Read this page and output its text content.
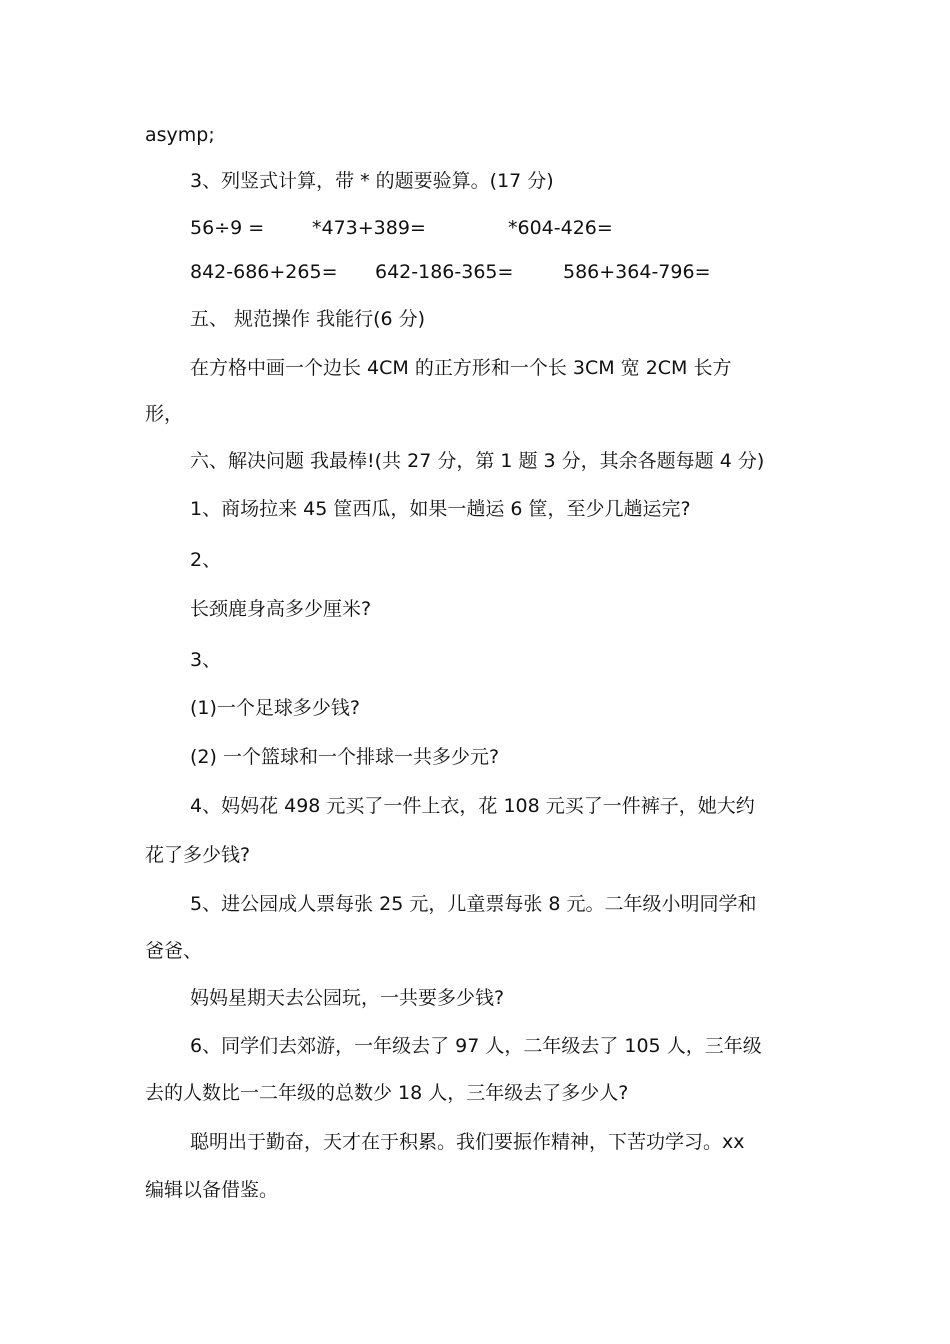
asymp;
3、列竖式计算，带 * 的题要验算。(17 分)
56÷9 =	*473+389=	*604-426=
842-686+265= 642-186-365=	586+364-796=
五、 规范操作 我能行(6 分)
在方格中画一个边长 4CM 的正方形和一个长 3CM 宽 2CM 长方
形，
六、解决问题 我最棒!(共 27 分，第 1 题 3 分，其余各题每题 4 分)
1、商场拉来 45 筐西瓜，如果一趟运 6 筐，至少几趟运完?
2、
长颈鹿身高多少厘米?
3、
(1)一个足球多少钱?
(2) 一个篮球和一个排球一共多少元?
4、妈妈花 498 元买了一件上衣，花 108 元买了一件裤子，她大约
花了多少钱?
5、进公园成人票每张 25 元，儿童票每张 8 元。二年级小明同学和
爸爸、
妈妈星期天去公园玩，一共要多少钱?
6、同学们去郊游，一年级去了 97 人，二年级去了 105 人，三年级
去的人数比一二年级的总数少 18 人，三年级去了多少人?
聪明出于勤奋，天才在于积累。我们要振作精神，下苦功学习。xx
编辑以备借鉴。
